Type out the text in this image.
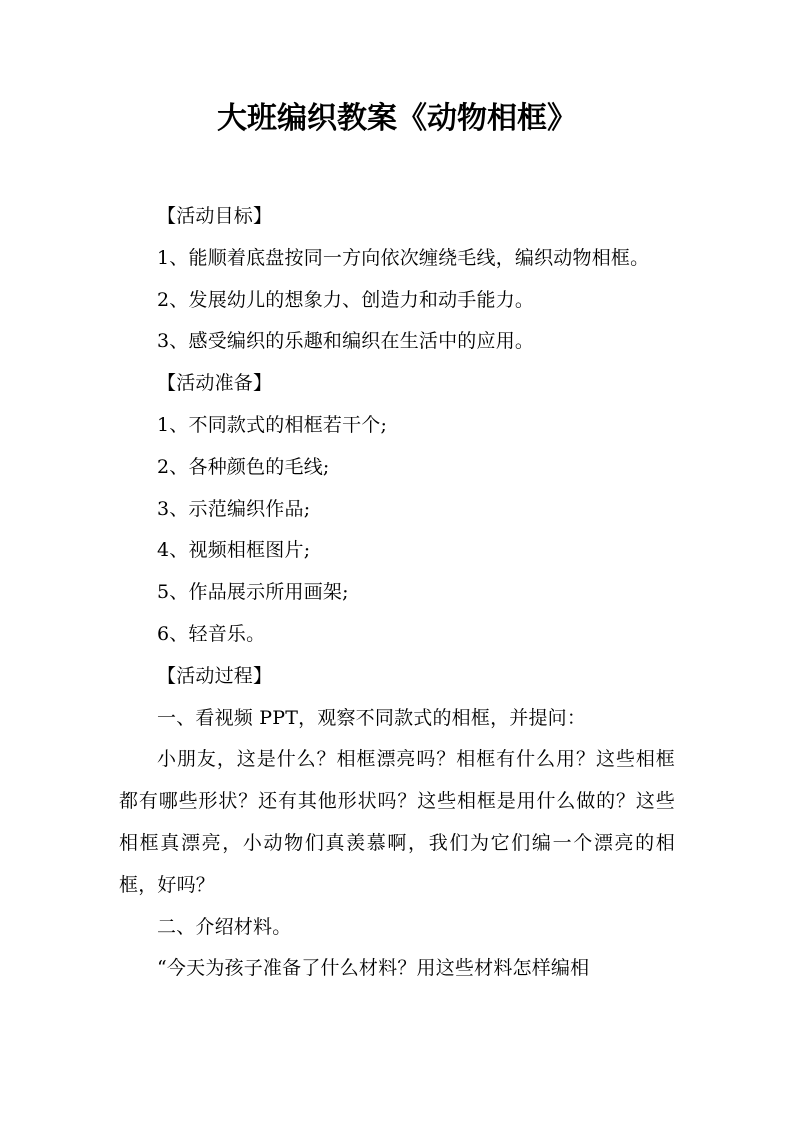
大班编织教案《动物相框》

【活动目标】

1、能顺着底盘按同一方向依次缠绕毛线，编织动物相框。

2、发展幼儿的想象力、创造力和动手能力。

3、感受编织的乐趣和编织在生活中的应用。

【活动准备】

1、不同款式的相框若干个;

2、各种颜色的毛线;

3、示范编织作品;

4、视频相框图片;

5、作品展示所用画架;

6、轻音乐。

【活动过程】

一、看视频 PPT，观察不同款式的相框，并提问：

小朋友，这是什么？相框漂亮吗？相框有什么用？这些相框都有哪些形状？还有其他形状吗？这些相框是用什么做的？这些相框真漂亮，小动物们真羡慕啊，我们为它们编一个漂亮的相框，好吗？

二、介绍材料。

“今天为孩子准备了什么材料？用这些材料怎样编相
